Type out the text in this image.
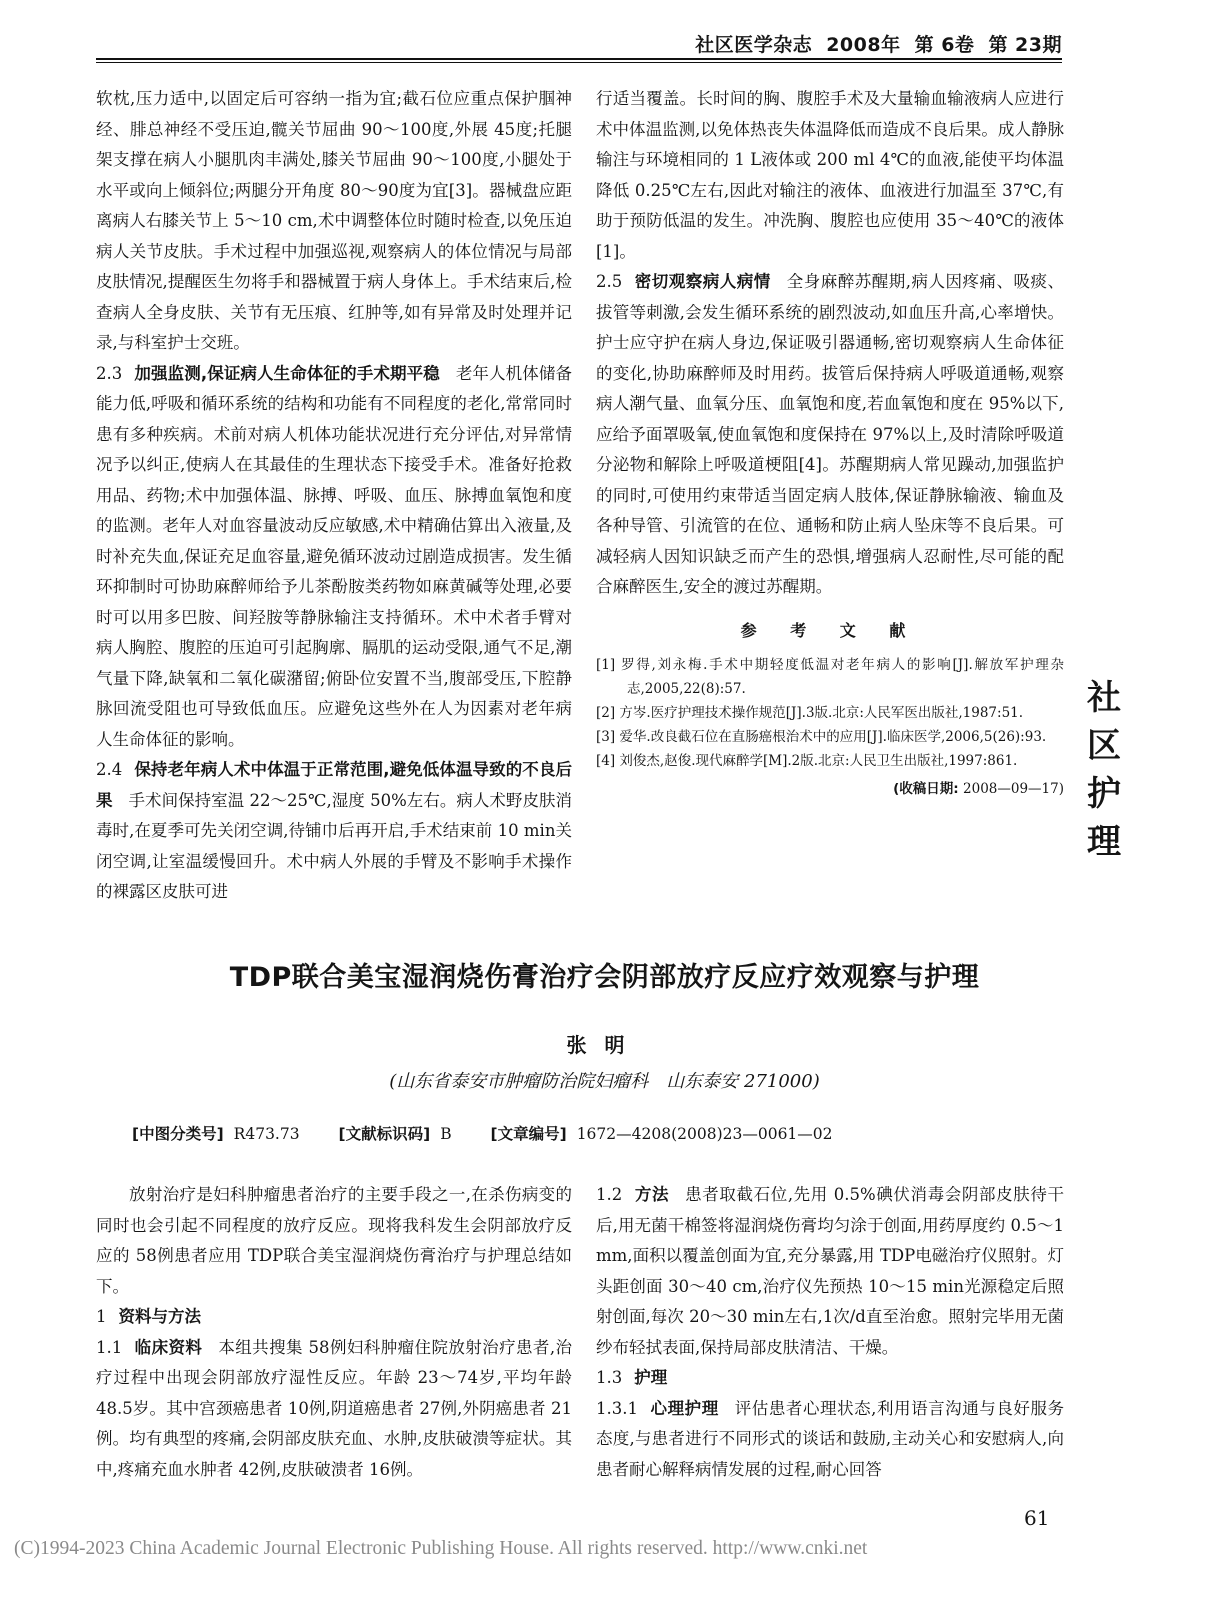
社区医学杂志 2008年 第 6卷 第 23期

软枕,压力适中,以固定后可容纳一指为宜;截石位应重点保护腘神经、腓总神经不受压迫,髋关节屈曲 90～100度,外展 45度;托腿架支撑在病人小腿肌肉丰满处,膝关节屈曲 90～100度,小腿处于水平或向上倾斜位;两腿分开角度 80～90度为宜[3]。器械盘应距离病人右膝关节上 5～10 cm,术中调整体位时随时检查,以免压迫病人关节皮肤。手术过程中加强巡视,观察病人的体位情况与局部皮肤情况,提醒医生勿将手和器械置于病人身体上。手术结束后,检查病人全身皮肤、关节有无压痕、红肿等,如有异常及时处理并记录,与科室护士交班。

2.3 加强监测,保证病人生命体征的手术期平稳 老年人机体储备能力低,呼吸和循环系统的结构和功能有不同程度的老化,常常同时患有多种疾病。术前对病人机体功能状况进行充分评估,对异常情况予以纠正,使病人在其最佳的生理状态下接受手术。准备好抢救用品、药物;术中加强体温、脉搏、呼吸、血压、脉搏血氧饱和度的监测。老年人对血容量波动反应敏感,术中精确估算出入液量,及时补充失血,保证充足血容量,避免循环波动过剧造成损害。发生循环抑制时可协助麻醉师给予儿茶酚胺类药物如麻黄碱等处理,必要时可以用多巴胺、间羟胺等静脉输注支持循环。术中术者手臂对病人胸腔、腹腔的压迫可引起胸廓、膈肌的运动受限,通气不足,潮气量下降,缺氧和二氧化碳潴留;俯卧位安置不当,腹部受压,下腔静脉回流受阻也可导致低血压。应避免这些外在人为因素对老年病人生命体征的影响。

2.4 保持老年病人术中体温于正常范围,避免低体温导致的不良后果 手术间保持室温 22～25℃,湿度 50%左右。病人术野皮肤消毒时,在夏季可先关闭空调,待铺巾后再开启,手术结束前 10 min关闭空调,让室温缓慢回升。术中病人外展的手臂及不影响手术操作的裸露区皮肤可进

行适当覆盖。长时间的胸、腹腔手术及大量输血输液病人应进行术中体温监测,以免体热丧失体温降低而造成不良后果。成人静脉输注与环境相同的 1 L液体或 200 ml 4℃的血液,能使平均体温降低 0.25℃左右,因此对输注的液体、血液进行加温至 37℃,有助于预防低温的发生。冲洗胸、腹腔也应使用 35～40℃的液体[1]。

2.5 密切观察病人病情 全身麻醉苏醒期,病人因疼痛、吸痰、拔管等刺激,会发生循环系统的剧烈波动,如血压升高,心率增快。护士应守护在病人身边,保证吸引器通畅,密切观察病人生命体征的变化,协助麻醉师及时用药。拔管后保持病人呼吸道通畅,观察病人潮气量、血氧分压、血氧饱和度,若血氧饱和度在 95%以下,应给予面罩吸氧,使血氧饱和度保持在 97%以上,及时清除呼吸道分泌物和解除上呼吸道梗阻[4]。苏醒期病人常见躁动,加强监护的同时,可使用约束带适当固定病人肢体,保证静脉输液、输血及各种导管、引流管的在位、通畅和防止病人坠床等不良后果。可减轻病人因知识缺乏而产生的恐惧,增强病人忍耐性,尽可能的配合麻醉医生,安全的渡过苏醒期。

参 考 文 献

[1] 罗得,刘永梅.手术中期轻度低温对老年病人的影响[J].解放军护理杂志,2005,22(8):57.

[2] 方岑.医疗护理技术操作规范[J].3版.北京:人民军医出版社,1987:51.

[3] 爱华.改良截石位在直肠癌根治术中的应用[J].临床医学,2006,5(26):93.

[4] 刘俊杰,赵俊.现代麻醉学[M].2版.北京:人民卫生出版社,1997:861.

(收稿日期: 2008—09—17)
社
区
护
理
TDP联合美宝湿润烧伤膏治疗会阴部放疗反应疗效观察与护理
张明
(山东省泰安市肿瘤防治院妇瘤科　山东泰安 271000)
[中图分类号] R473.73	[文献标识码] B	[文章编号] 1672—4208(2008)23—0061—02

放射治疗是妇科肿瘤患者治疗的主要手段之一,在杀伤病变的同时也会引起不同程度的放疗反应。现将我科发生会阴部放疗反应的 58例患者应用 TDP联合美宝湿润烧伤膏治疗与护理总结如下。

1 资料与方法

1.1 临床资料 本组共搜集 58例妇科肿瘤住院放射治疗患者,治疗过程中出现会阴部放疗湿性反应。年龄 23～74岁,平均年龄 48.5岁。其中宫颈癌患者 10例,阴道癌患者 27例,外阴癌患者 21例。均有典型的疼痛,会阴部皮肤充血、水肿,皮肤破溃等症状。其中,疼痛充血水肿者 42例,皮肤破溃者 16例。

1.2 方法 患者取截石位,先用 0.5%碘伏消毒会阴部皮肤待干后,用无菌干棉签将湿润烧伤膏均匀涂于创面,用药厚度约 0.5～1 mm,面积以覆盖创面为宜,充分暴露,用 TDP电磁治疗仪照射。灯头距创面 30～40 cm,治疗仪先预热 10～15 min光源稳定后照射创面,每次 20～30 min左右,1次/d直至治愈。照射完毕用无菌纱布轻拭表面,保持局部皮肤清洁、干燥。

1.3 护理

1.3.1 心理护理 评估患者心理状态,利用语言沟通与良好服务态度,与患者进行不同形式的谈话和鼓励,主动关心和安慰病人,向患者耐心解释病情发展的过程,耐心回答

61
(C)1994-2023 China Academic Journal Electronic Publishing House. All rights reserved. http://www.cnki.net
